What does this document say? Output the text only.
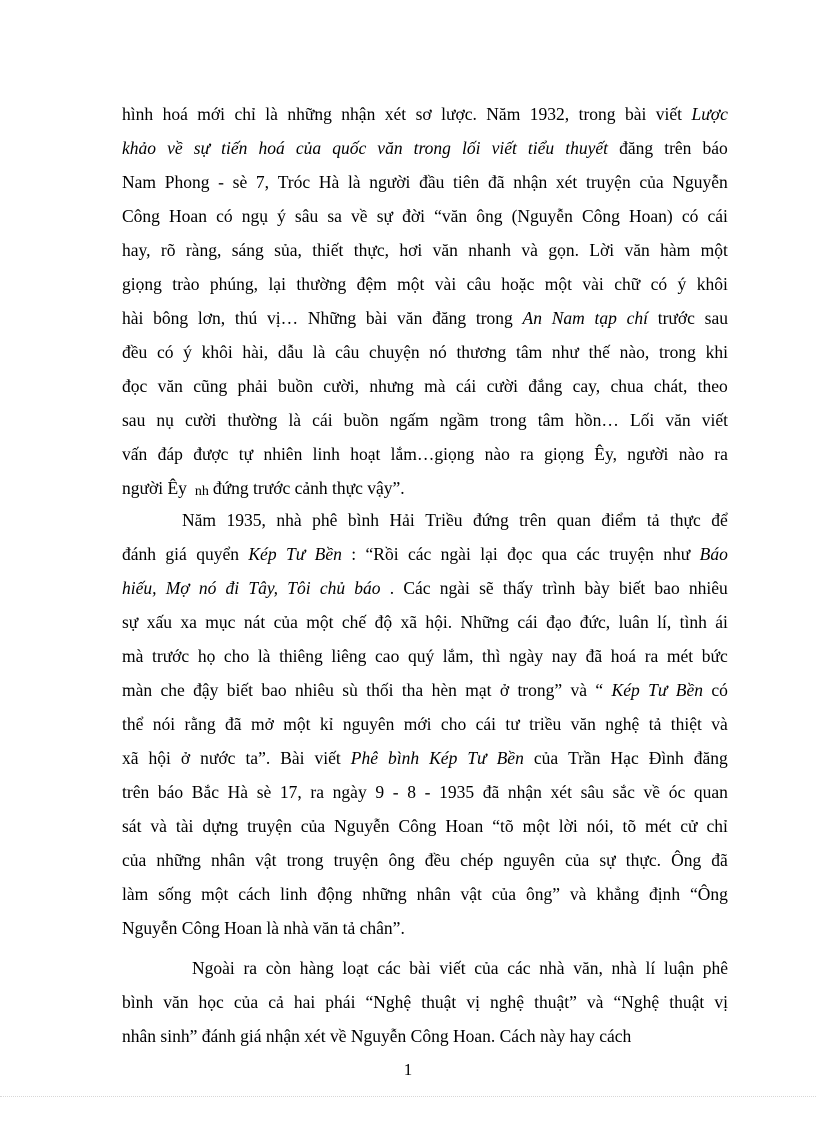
hình hoá mới chỉ là những nhận xét sơ lược. Năm 1932, trong bài viết Lược
khảo về sự tiến hoá của quốc văn trong lối viết tiểu thuyết đăng trên báo
Nam Phong - sè 7, Tróc Hà là người đầu tiên đã nhận xét truyện của Nguyễn
Công Hoan có ngụ ý sâu sa về sự đời “văn ông (Nguyễn Công Hoan) có cái
hay, rõ ràng, sáng sủa, thiết thực, hơi văn nhanh và gọn. Lời văn hàm một
giọng trào phúng, lại thường đệm một vài câu hoặc một vài chữ có ý khôi
hài bông lơn, thú vị… Những bài văn đăng trong An Nam tạp chí trước sau
đều có ý khôi hài, dẫu là câu chuyện nó thương tâm như thế nào, trong khi
đọc văn cũng phải buồn cười, nhưng mà cái cười đắng cay, chua chát, theo
sau nụ cười thường là cái buồn ngấm ngầm trong tâm hồn… Lối văn viết
vấn đáp được tự nhiên linh hoạt lắm…giọng nào ra giọng Êy, người nào ra
người Êy nh đứng trước cảnh thực vậy”.
Năm 1935, nhà phê bình Hải Triều đứng trên quan điểm tả thực để
đánh giá quyển Kép Tư Bền : “Rồi các ngài lại đọc qua các truyện như Báo
hiếu, Mợ nó đi Tây, Tôi chủ báo . Các ngài sẽ thấy trình bày biết bao nhiêu
sự xấu xa mục nát của một chế độ xã hội. Những cái đạo đức, luân lí, tình ái
mà trước họ cho là thiêng liêng cao quý lắm, thì ngày nay đã hoá ra mét bức
màn che đậy biết bao nhiêu sù thối tha hèn mạt ở trong” và “ Kép Tư Bền có
thể nói rằng đã mở một kỉ nguyên mới cho cái tư triều văn nghệ tả thiệt và
xã hội ở nước ta”. Bài viết Phê bình Kép Tư Bền của Trần Hạc Đình đăng
trên báo Bắc Hà sè 17, ra ngày 9 - 8 - 1935 đã nhận xét sâu sắc về óc quan
sát và tài dựng truyện của Nguyễn Công Hoan “tõ một lời nói, tõ mét cử chỉ
của những nhân vật trong truyện ông đều chép nguyên của sự thực. Ông đã
làm sống một cách linh động những nhân vật của ông” và khẳng định “Ông
Nguyễn Công Hoan là nhà văn tả chân”.
Ngoài ra còn hàng loạt các bài viết của các nhà văn, nhà lí luận phê
bình văn học của cả hai phái “Nghệ thuật vị nghệ thuật” và “Nghệ thuật vị
nhân sinh” đánh giá nhận xét về Nguyễn Công Hoan. Cách này hay cách
1
